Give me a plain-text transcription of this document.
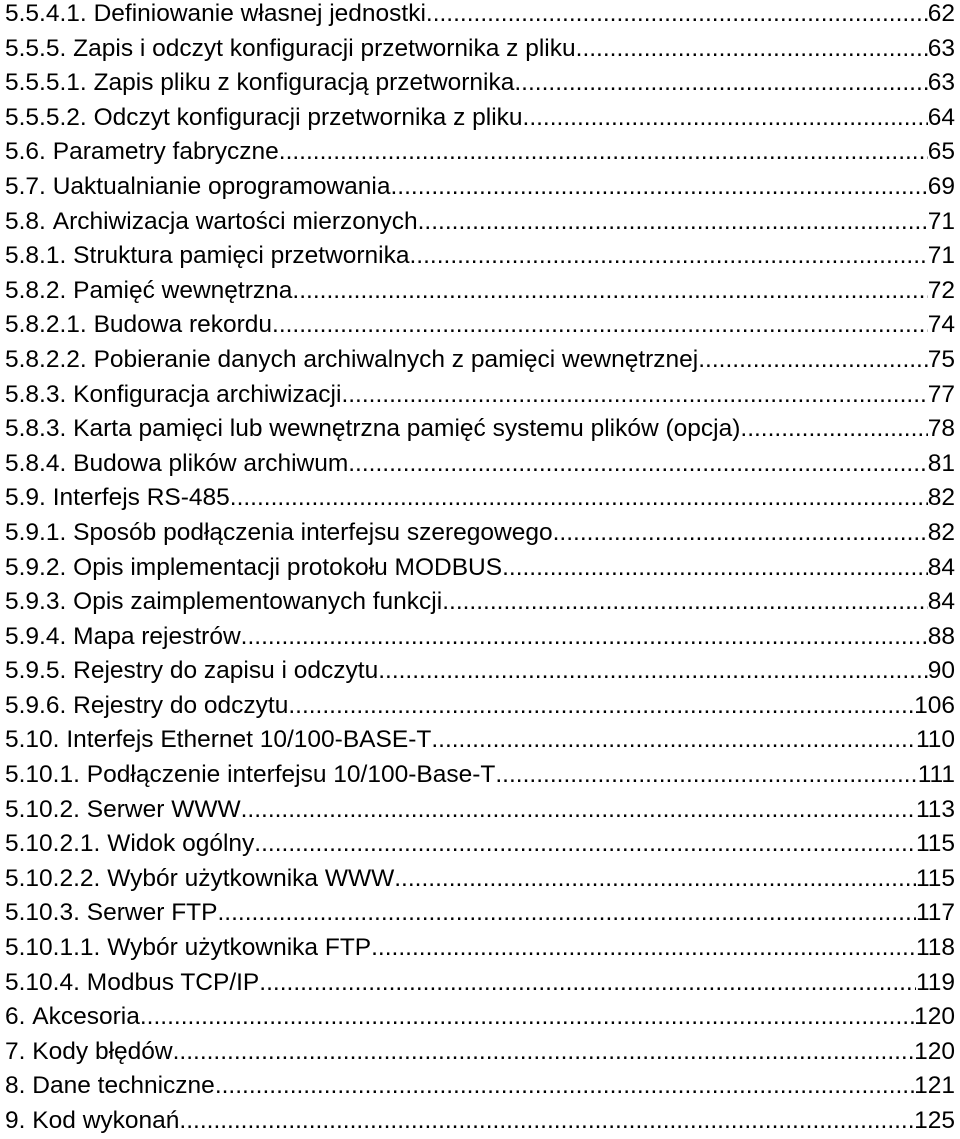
5.5.4.1. Definiowanie własnej jednostki .....	62
5.5.5. Zapis i odczyt konfiguracji przetwornika z pliku .....	63
5.5.5.1. Zapis pliku z konfiguracją przetwornika .....	63
5.5.5.2. Odczyt konfiguracji przetwornika z pliku .....	64
5.6. Parametry fabryczne .....	65
5.7. Uaktualnianie oprogramowania .....	69
5.8. Archiwizacja wartości mierzonych .....	71
5.8.1. Struktura pamięci przetwornika .....	71
5.8.2. Pamięć wewnętrzna .....	72
5.8.2.1. Budowa rekordu .....	74
5.8.2.2. Pobieranie danych archiwalnych z pamięci wewnętrznej .....	75
5.8.3. Konfiguracja archiwizacji .....	77
5.8.3. Karta pamięci lub wewnętrzna pamięć systemu plików (opcja) .....	78
5.8.4. Budowa plików archiwum .....	81
5.9. Interfejs RS-485 .....	82
5.9.1. Sposób podłączenia interfejsu szeregowego .....	82
5.9.2. Opis implementacji protokołu MODBUS .....	84
5.9.3. Opis zaimplementowanych funkcji .....	84
5.9.4. Mapa rejestrów .....	88
5.9.5. Rejestry do zapisu i odczytu .....	90
5.9.6. Rejestry do odczytu .....	106
5.10. Interfejs Ethernet 10/100-BASE-T .....	110
5.10.1. Podłączenie interfejsu 10/100-Base-T .....	111
5.10.2. Serwer WWW .....	113
5.10.2.1. Widok ogólny .....	115
5.10.2.2. Wybór użytkownika WWW .....	115
5.10.3. Serwer FTP .....	117
5.10.1.1. Wybór użytkownika FTP .....	118
5.10.4. Modbus TCP/IP .....	119
6. Akcesoria .....	120
7. Kody błędów .....	120
8. Dane techniczne .....	121
9. Kod wykonań .....	125
